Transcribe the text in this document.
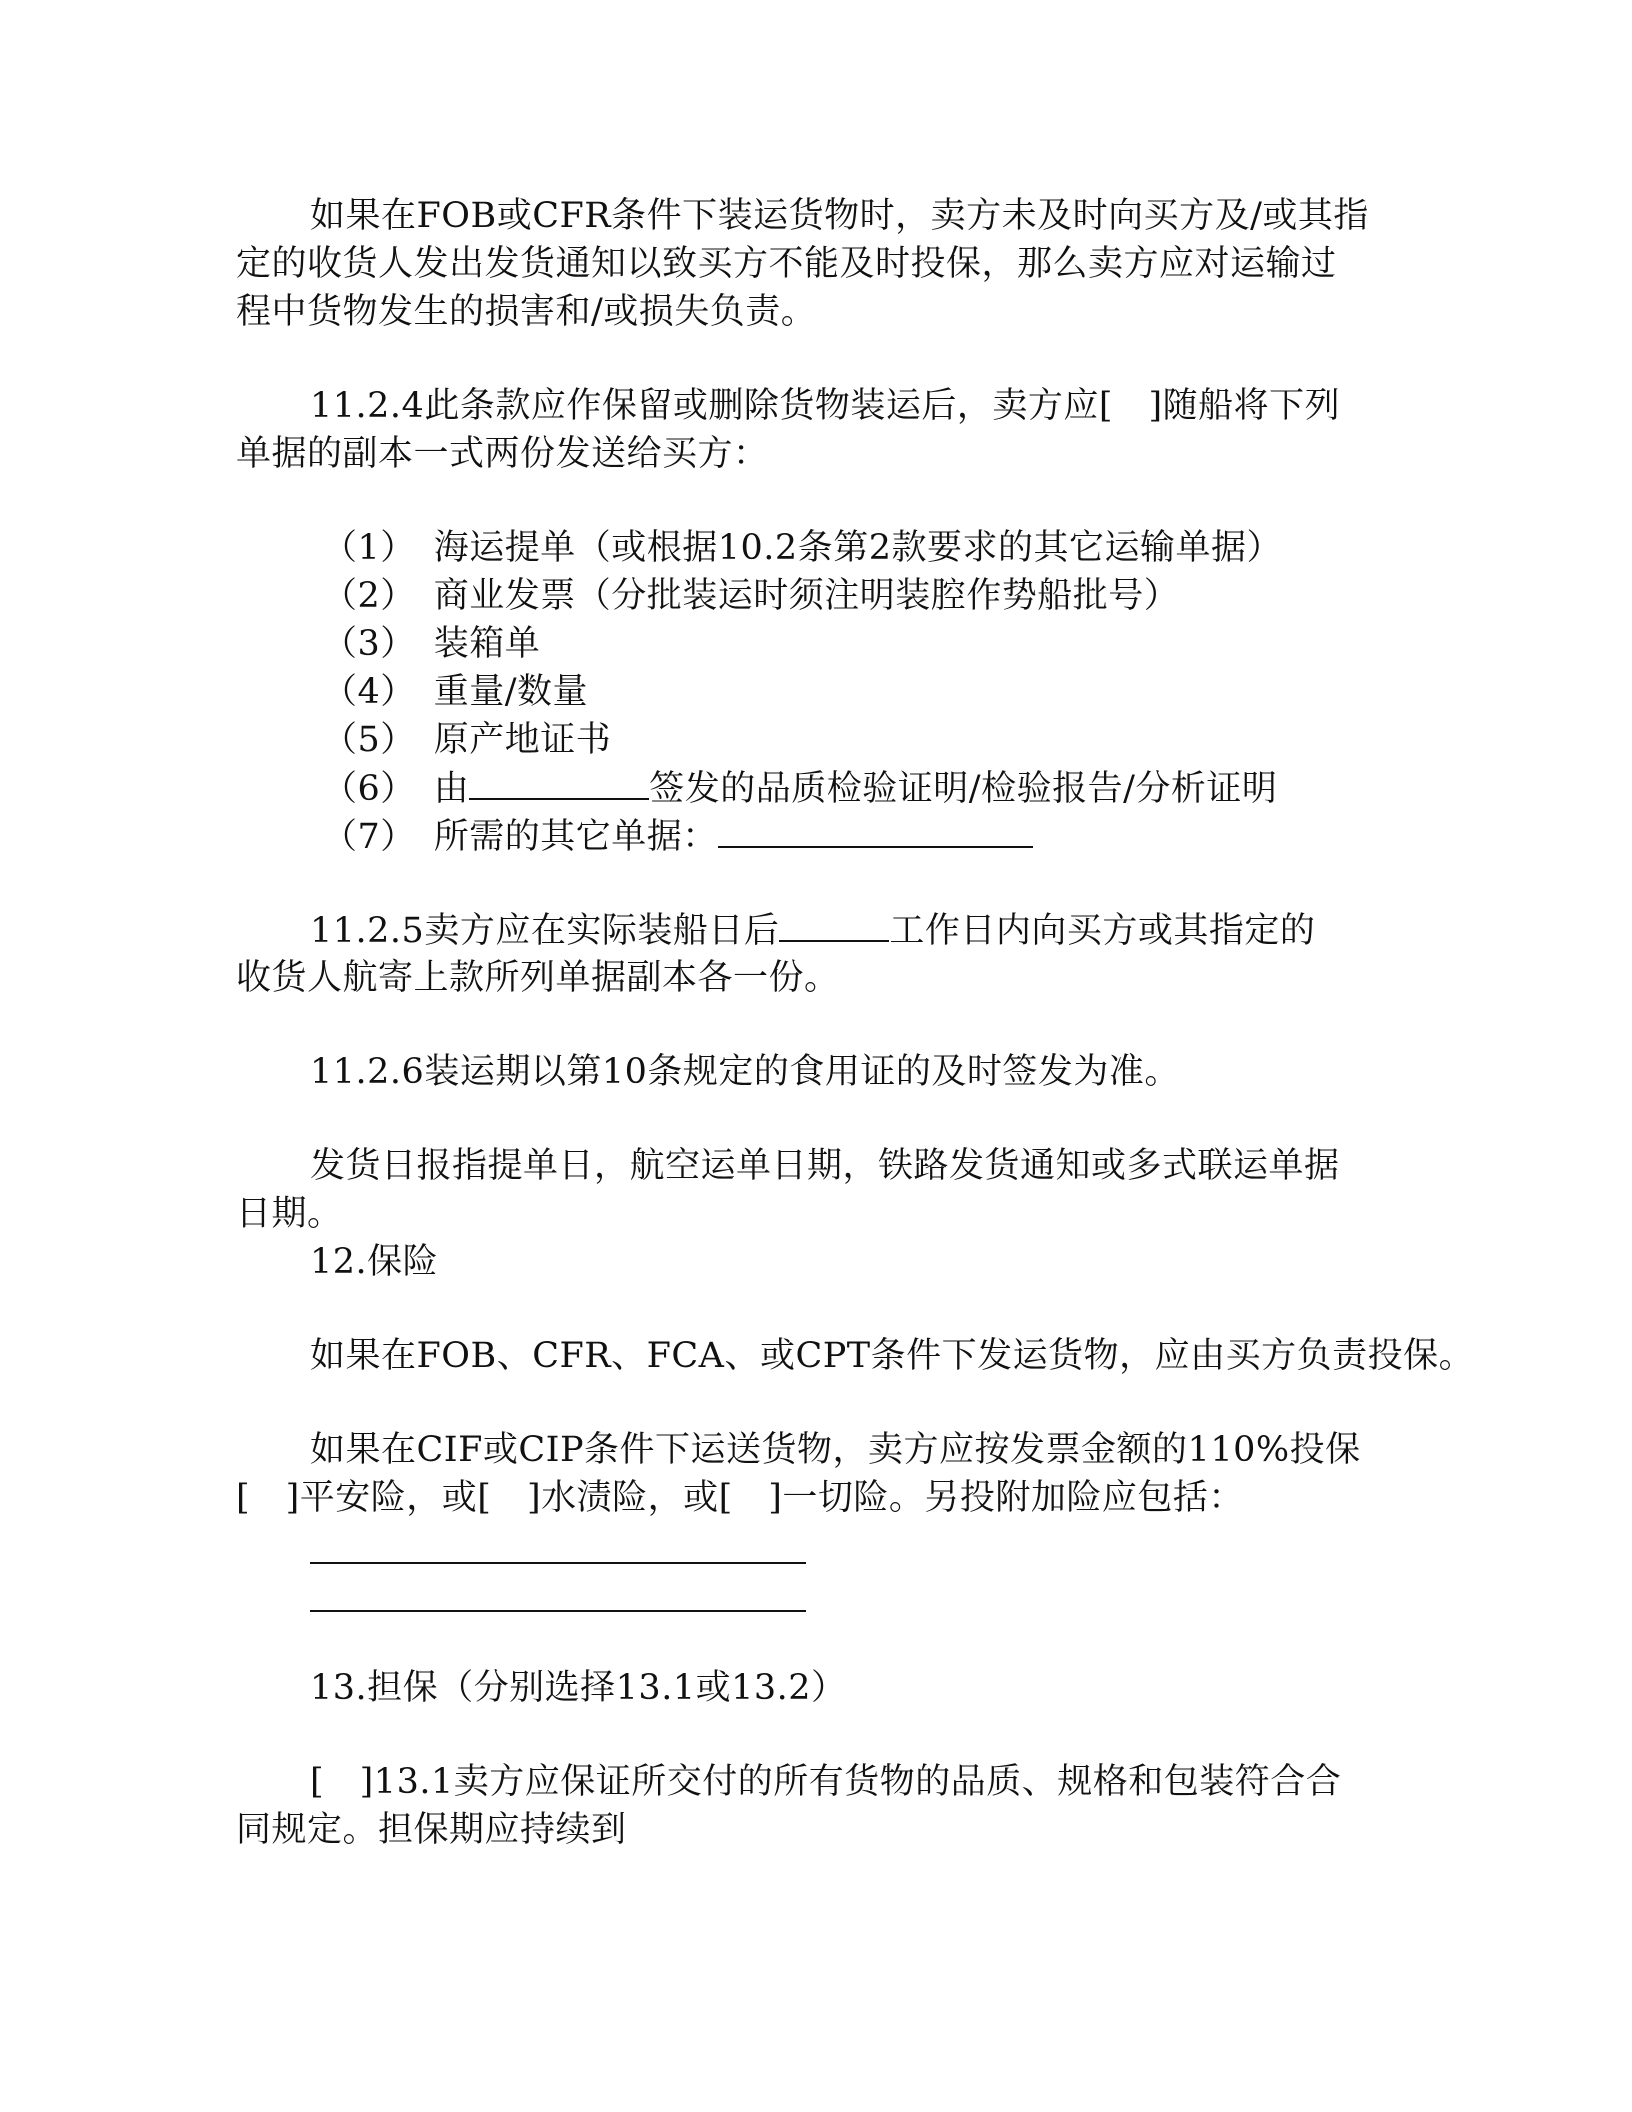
如果在FOB或CFR条件下装运货物时，卖方未及时向买方及/或其指
定的收货人发出发货通知以致买方不能及时投保，那么卖方应对运输过
程中货物发生的损害和/或损失负责。
11.2.4此条款应作保留或删除货物装运后，卖方应[　]随船将下列
单据的副本一式两份发送给买方：
（1）　海运提单（或根据10.2条第2款要求的其它运输单据）
（2）　商业发票（分批装运时须注明装腔作势船批号）
（3）　装箱单
（4）　重量/数量
（5）　原产地证书
（6）　由	签发的品质检验证明/检验报告/分析证明
（7）　所需的其它单据：
11.2.5卖方应在实际装船日后	工作日内向买方或其指定的
收货人航寄上款所列单据副本各一份。
11.2.6装运期以第10条规定的食用证的及时签发为准。
发货日报指提单日，航空运单日期，铁路发货通知或多式联运单据
日期。
12.保险
如果在FOB、CFR、FCA、或CPT条件下发运货物，应由买方负责投保。
如果在CIF或CIP条件下运送货物，卖方应按发票金额的110%投保
[　]平安险，或[　]水渍险，或[　]一切险。另投附加险应包括：
13.担保（分别选择13.1或13.2）
[　]13.1卖方应保证所交付的所有货物的品质、规格和包装符合合
同规定。担保期应持续到
